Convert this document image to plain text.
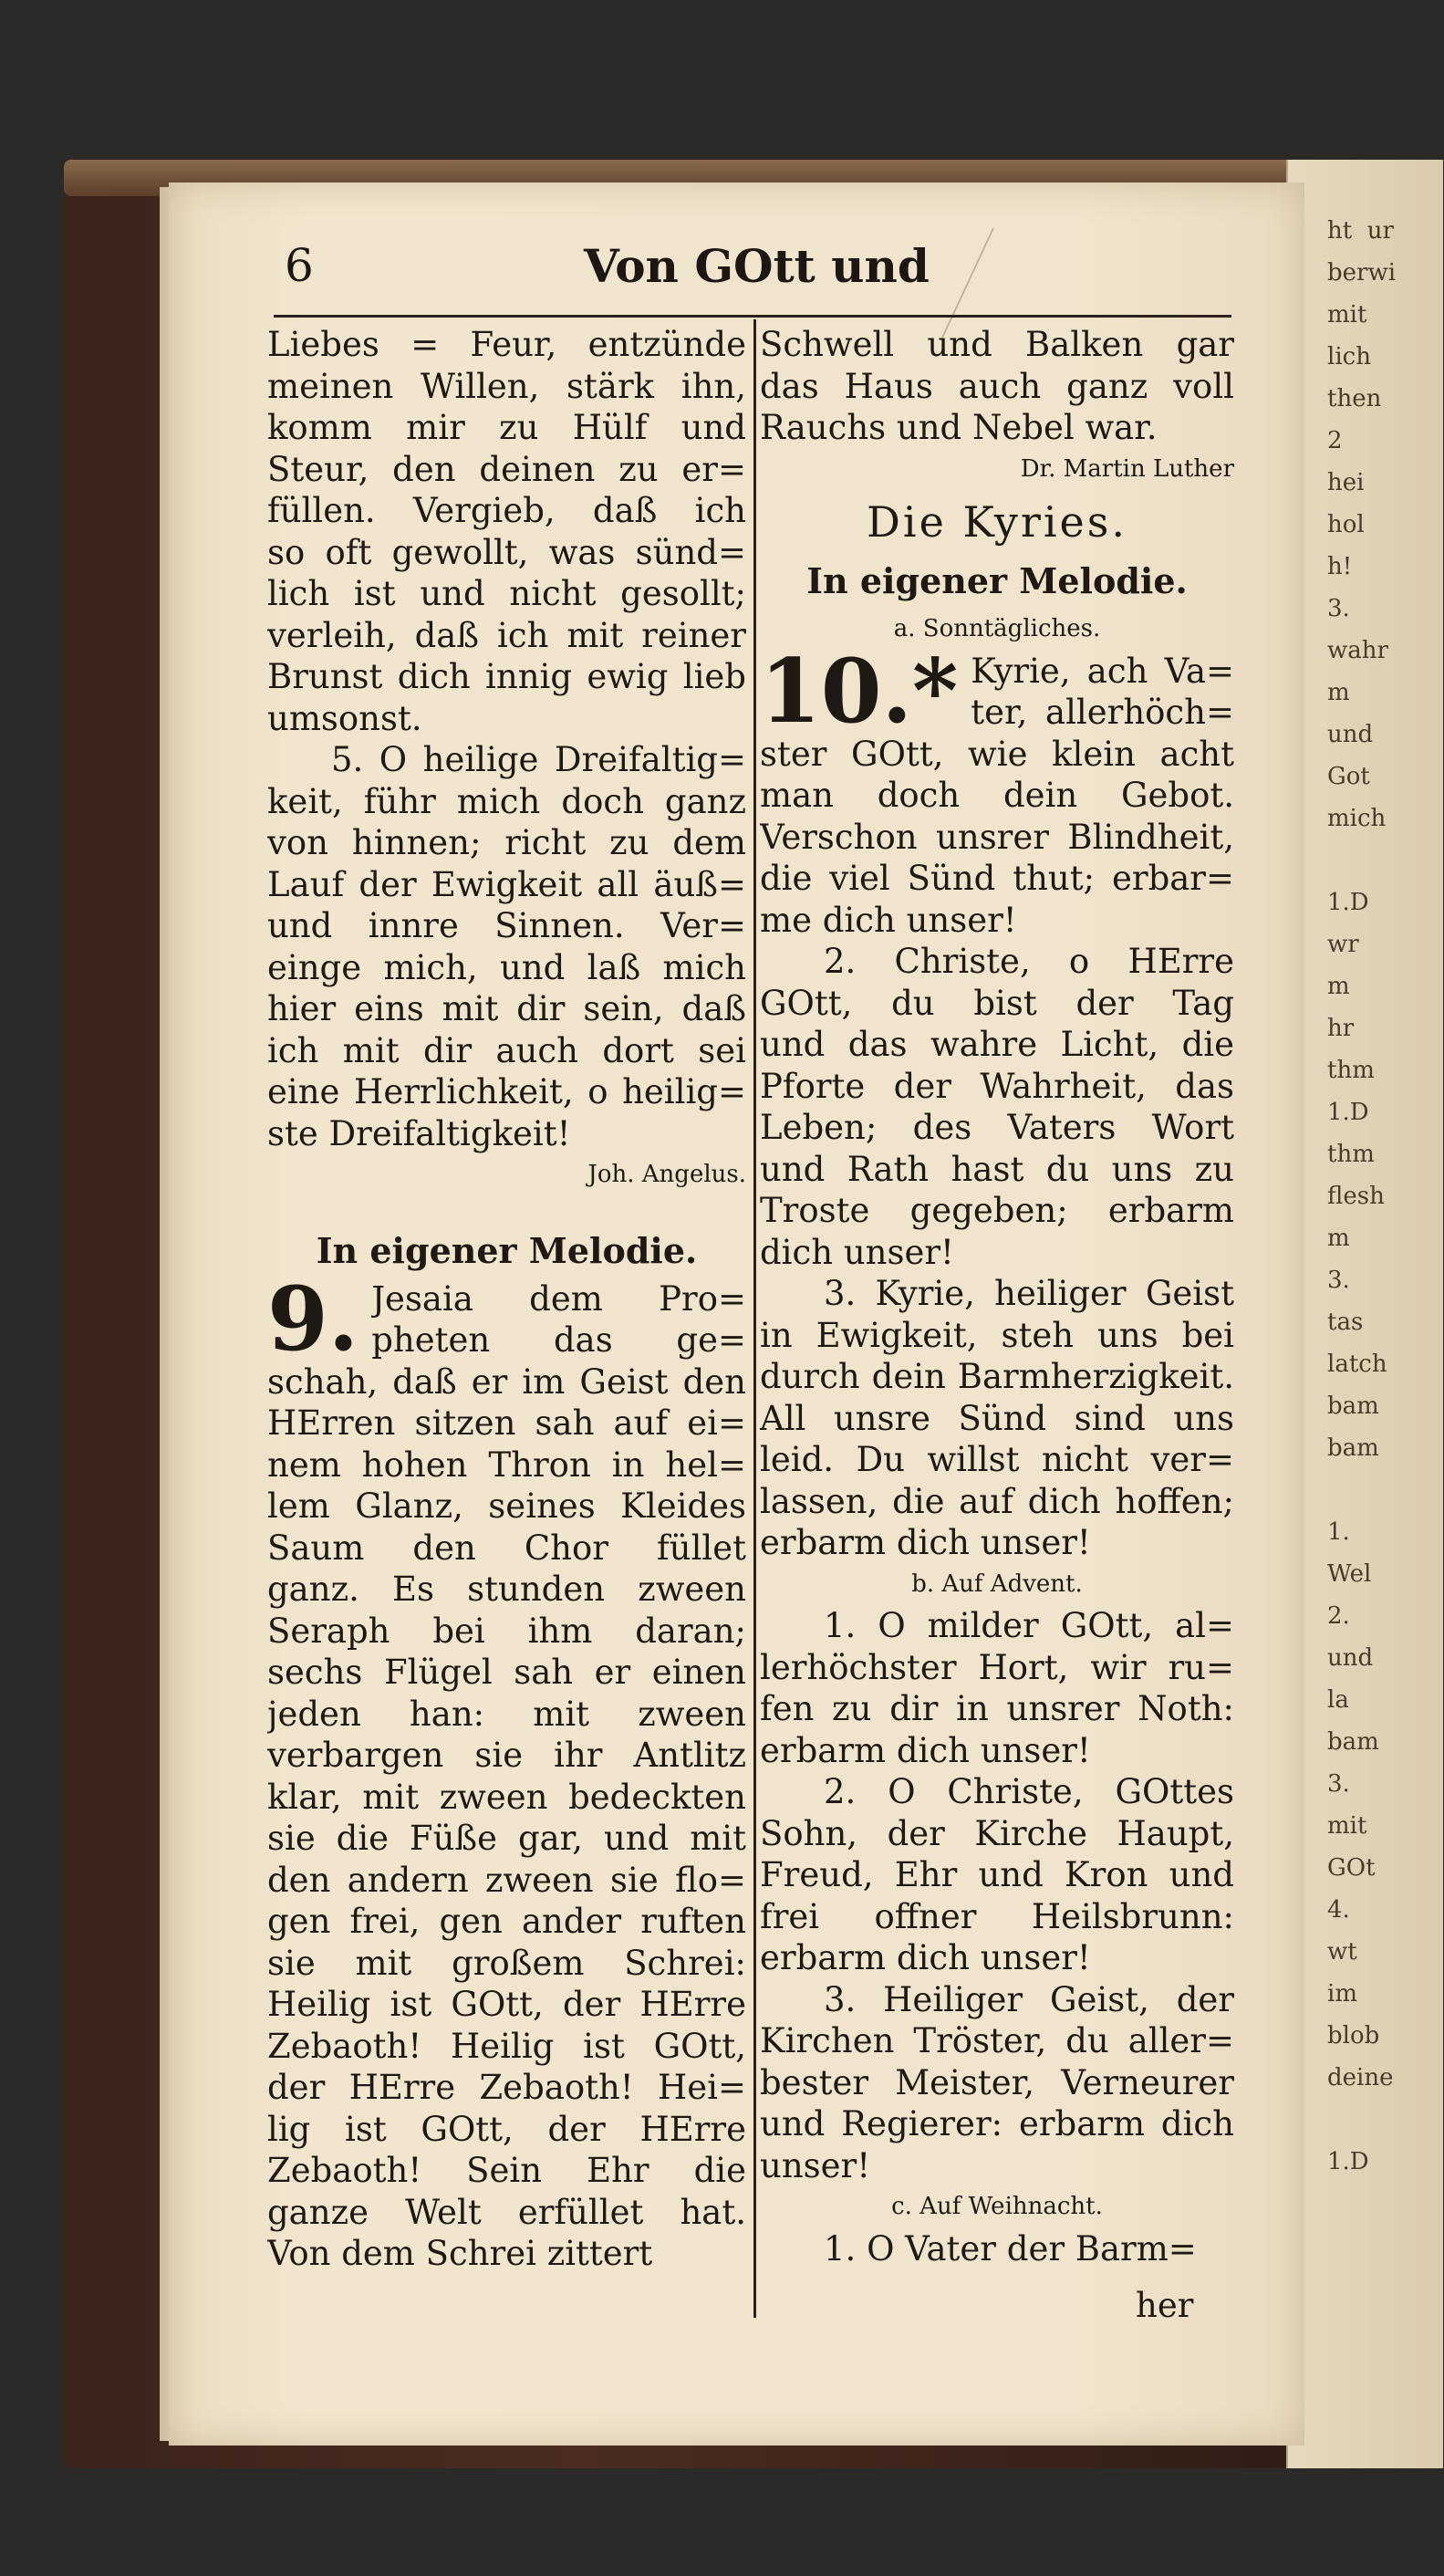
ht  ur
berwi
mit
lich
then
2
hei
hol
h!
3.
wahr
m
und
Got
mich

1.D
wr
m
hr
thm
1.D
thm
flesh
m
3.
tas
latch
bam
bam

1.
Wel
2.
und
la
bam
3.
mit
GOt
4.
wt
im
blob
deine

1.D
6	Von GOtt und
Liebes = Feur, entzünde
meinen Willen, stärk ihn,
komm mir zu Hülf und
Steur, den deinen zu er=
füllen. Vergieb, daß ich
so oft gewollt, was sünd=
lich ist und nicht gesollt;
verleih, daß ich mit reiner
Brunst dich innig ewig lieb
umsonst.
5. O heilige Dreifaltig=
keit, führ mich doch ganz
von hinnen; richt zu dem
Lauf der Ewigkeit all äuß=
und innre Sinnen. Ver=
einge mich, und laß mich
hier eins mit dir sein, daß
ich mit dir auch dort sei
eine Herrlichkeit, o heilig=
ste Dreifaltigkeit!
Joh. Angelus.
In eigener Melodie.
9. Jesaia dem Pro=
pheten das ge=
schah, daß er im Geist den
HErren sitzen sah auf ei=
nem hohen Thron in hel=
lem Glanz, seines Kleides
Saum den Chor füllet
ganz. Es stunden zween
Seraph bei ihm daran;
sechs Flügel sah er einen
jeden han: mit zween
verbargen sie ihr Antlitz
klar, mit zween bedeckten
sie die Füße gar, und mit
den andern zween sie flo=
gen frei, gen ander ruften
sie mit großem Schrei:
Heilig ist GOtt, der HErre
Zebaoth! Heilig ist GOtt,
der HErre Zebaoth! Hei=
lig ist GOtt, der HErre
Zebaoth! Sein Ehr die
ganze Welt erfüllet hat.
Von dem Schrei zittert
Schwell und Balken gar
das Haus auch ganz voll
Rauchs und Nebel war.
Dr. Martin Luther
Die Kyries.
In eigener Melodie.
a. Sonntägliches.
10.* Kyrie, ach Va=
ter, allerhöch=
ster GOtt, wie klein acht
man doch dein Gebot.
Verschon unsrer Blindheit,
die viel Sünd thut; erbar=
me dich unser!
2. Christe, o HErre
GOtt, du bist der Tag
und das wahre Licht, die
Pforte der Wahrheit, das
Leben; des Vaters Wort
und Rath hast du uns zu
Troste gegeben; erbarm
dich unser!
3. Kyrie, heiliger Geist
in Ewigkeit, steh uns bei
durch dein Barmherzigkeit.
All unsre Sünd sind uns
leid. Du willst nicht ver=
lassen, die auf dich hoffen;
erbarm dich unser!
b. Auf Advent.
1. O milder GOtt, al=
lerhöchster Hort, wir ru=
fen zu dir in unsrer Noth:
erbarm dich unser!
2. O Christe, GOttes
Sohn, der Kirche Haupt,
Freud, Ehr und Kron und
frei offner Heilsbrunn:
erbarm dich unser!
3. Heiliger Geist, der
Kirchen Tröster, du aller=
bester Meister, Verneurer
und Regierer: erbarm dich
unser!
c. Auf Weihnacht.
1. O Vater der Barm=
her
